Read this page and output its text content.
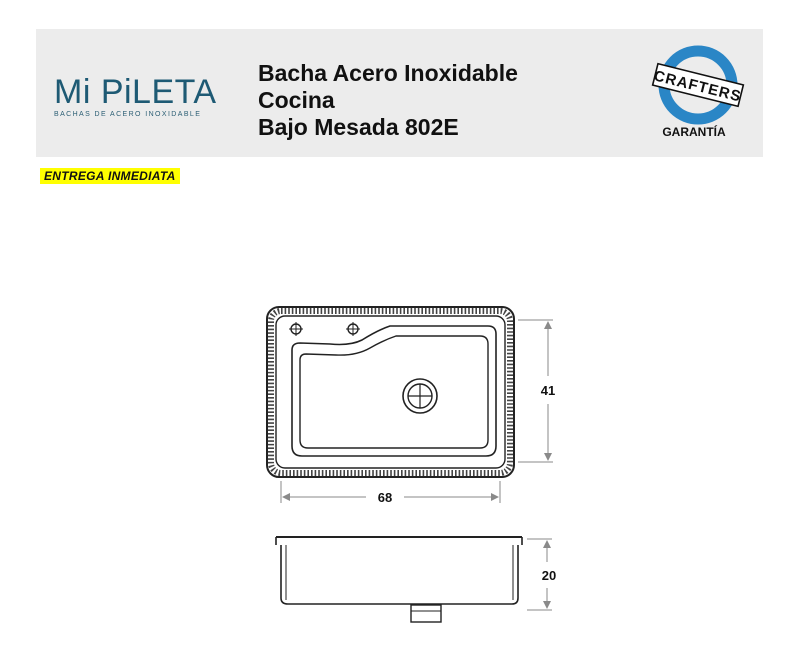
Mi PiLETA
BACHAS DE ACERO INOXIDABLE
Bacha Acero Inoxidable
Cocina
Bajo Mesada 802E
CRAFTERS
GARANTÍA
ENTREGA INMEDIATA
68
41
20
